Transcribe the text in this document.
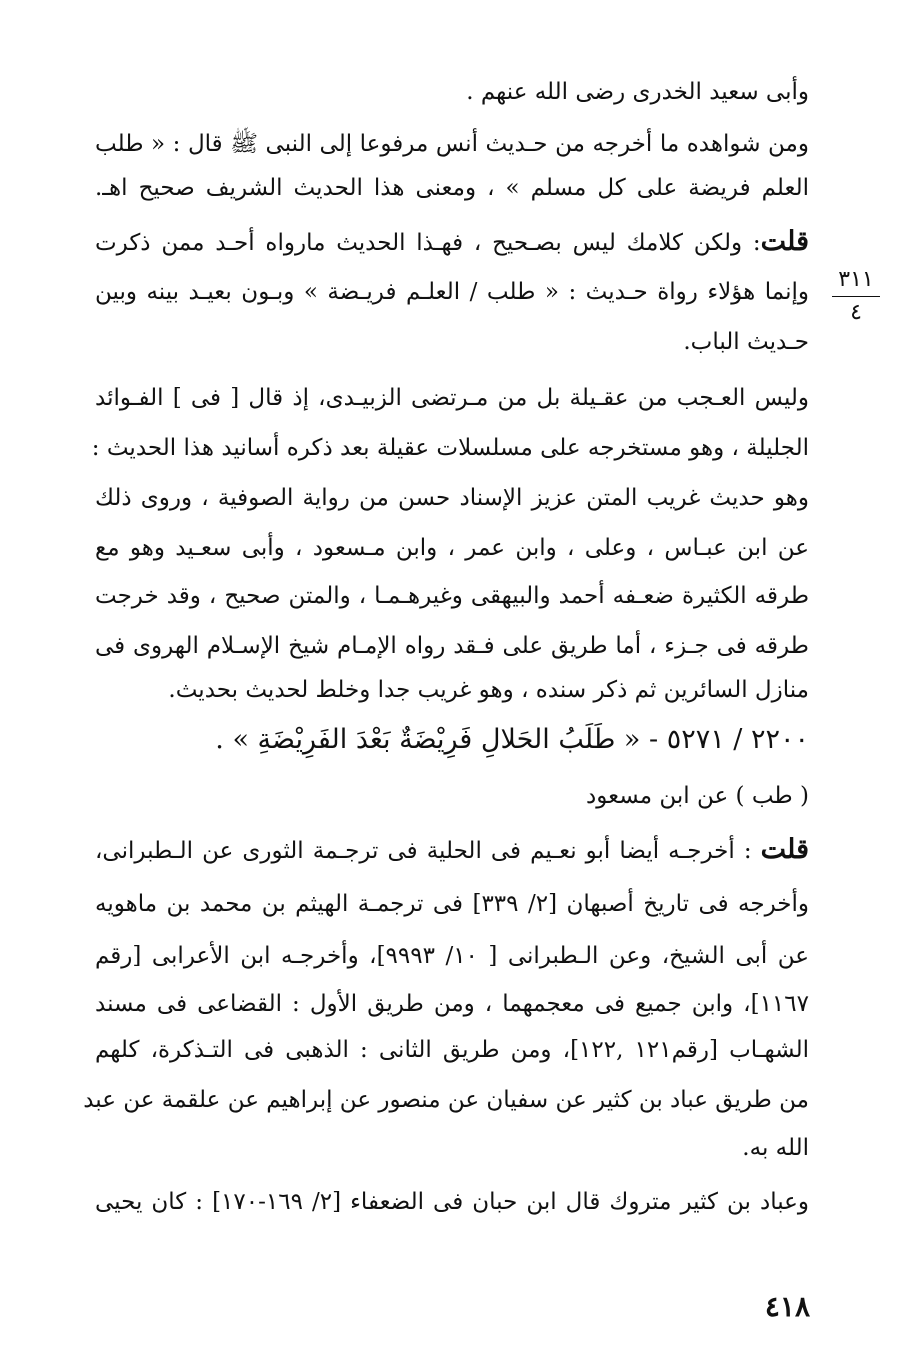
وأبى سعيد الخدرى رضى الله عنهم .
ومن شواهده ما أخرجه من حـديث أنس مرفوعا إلى النبى ﷺ قال : « طلب
العلم فريضة على كل مسلم » ، ومعنى هذا الحديث الشريف صحيح اهـ.
قلت: ولكن كلامك ليس بصـحيح ، فهـذا الحديث مارواه أحـد ممن ذكرت
وإنما هؤلاء رواة حـديث : « طلب / العلـم فريـضة » وبـون بعيـد بينه وبين
حـديث الباب.
وليس العـجب من عقـيلة بل من مـرتضى الزبيـدى، إذ قال [ فى ] الفـوائد
الجليلة ، وهو مستخرجه على مسلسلات عقيلة بعد ذكره أسانيد هذا الحديث :
وهو حديث غريب المتن عزيز الإسناد حسن من رواية الصوفية ، وروى ذلك
عن ابن عبـاس ، وعلى ، وابن عمر ، وابن مـسعود ، وأبى سعـيد وهو مع
طرقه الكثيرة ضعـفه أحمد والبيهقى وغيرهـمـا ، والمتن صحيح ، وقد خرجت
طرقه فى جـزء ، أما طريق على فـقد رواه الإمـام شيخ الإسـلام الهروى فى
منازل السائرين ثم ذكر سنده ، وهو غريب جدا وخلط لحديث بحديث.
٢٢٠٠ / ٥٢٧١ - « طَلَبُ الحَلالِ فَرِيْضَةٌ بَعْدَ الفَرِيْضَةِ » .
( طب ) عن ابن مسعود
قلت : أخرجـه أيضا أبو نعـيم فى الحلية فى ترجـمة الثورى عن الـطبرانى،
وأخرجه فى تاريخ أصبهان [٢/ ٣٣٩] فى ترجمـة الهيثم بن محمد بن ماهويه
عن أبى الشيخ، وعن الـطبرانى [ ١٠/ ٩٩٩٣]، وأخرجـه ابن الأعرابى [رقم
١١٦٧]، وابن جميع فى معجمهما ، ومن طريق الأول : القضاعى فى مسند
الشهـاب [رقم١٢١ ,١٢٢]، ومن طريق الثانى : الذهبى فى التـذكرة، كلهم
من طريق عباد بن كثير عن سفيان عن منصور عن إبراهيم عن علقمة عن عبد
الله به.
وعباد بن كثير متروك قال ابن حبان فى الضعفاء [٢/ ١٦٩-١٧٠] : كان يحيى
٣١١
٤
٤١٨
